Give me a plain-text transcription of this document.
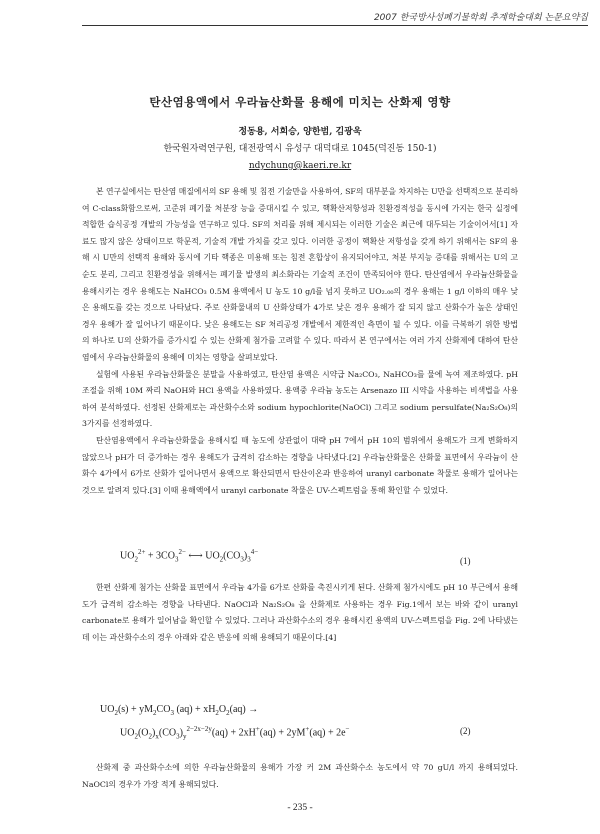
2007 한국방사성폐기물학회 추계학술대회 논문요약집
탄산염용액에서 우라늄산화물 용해에 미치는 산화제 영향
정동용, 서희승, 양한범, 김광욱
한국원자력연구원, 대전광역시 유성구 대덕대로 1045(덕진동 150-1)
ndychung@kaeri.re.kr

본 연구실에서는 탄산염 매질에서의 SF 용해 및 침전 기술만을 사용하여, SF의 대부분을 차지하는 U만을 선택적으로 분리하여 C-class화함으로써, 고준위 폐기물 처분장 능을 증대시킬 수 있고, 핵확산저항성과 친환경적성을 동시에 가지는 한국 실정에 적합한 습식공정 개발의 가능성을 연구하고 있다. SF의 처리를 위해 제시되는 이러한 기술은 최근에 대두되는 기술이어서[1] 자료도 많지 않은 상태이므로 학문적, 기술적 개발 가치를 갖고 있다. 이러한 공정이 핵확산 저항성을 갖게 하기 위해서는 SF의 용해 시 U만의 선택적 용해와 동시에 기타 핵종은 미용해 또는 침전 혼합상이 유지되어야고, 처분 부지능 증대를 위해서는 U의 고순도 분리, 그리고 친환경성을 위해서는 폐기물 발생의 최소화라는 기술적 조건이 만족되어야 한다. 탄산염에서 우라늄산화물을 용해시키는 경우 용해도는 NaHCO₃ 0.5M 용액에서 U 농도 10 g/l를 넘지 못하고 UO₂.₀₀의 경우 용해는 1 g/l 이하의 매우 낮은 용해도를 갖는 것으로 나타났다. 주로 산화물내의 U 산화상태가 4가로 낮은 경우 용해가 잘 되지 않고 산화수가 높은 상태인 경우 용해가 잘 일어나기 때문이다. 낮은 용해도는 SF 처리공정 개발에서 제한적인 측면이 될 수 있다. 이를 극복하기 위한 방법의 하나로 U의 산화가를 증가시킬 수 있는 산화제 첨가를 고려할 수 있다. 따라서 본 연구에서는 여러 가지 산화제에 대하여 탄산염에서 우라늄산화물의 용해에 미치는 영향을 살펴보았다.

실험에 사용된 우라늄산화물은 분말을 사용하였고, 탄산염 용액은 시약급 Na₂CO₃, NaHCO₃를 물에 녹여 제조하였다. pH 조절을 위해 10M 짜리 NaOH와 HCl 용액을 사용하였다. 용액중 우라늄 농도는 Arsenazo III 시약을 사용하는 비색법을 사용하여 분석하였다. 선정된 산화제로는 과산화수소와 sodium hypochlorite(NaOCl) 그리고 sodium persulfate(Na₂S₂O₈)의 3가지를 선정하였다.

탄산염용액에서 우라늄산화물을 용해시킬 때 농도에 상관없이 대략 pH 7에서 pH 10의 범위에서 용해도가 크게 변화하지 않았으나 pH가 더 증가하는 경우 용해도가 급격히 감소하는 경향을 나타냈다.[2] 우라늄산화물은 산화물 표면에서 우라늄이 산화수 4가에서 6가로 산화가 일어나면서 용액으로 확산되면서 탄산이온과 반응하여 uranyl carbonate 착물로 용해가 일어나는 것으로 알려져 있다.[3] 이때 용해액에서 uranyl carbonate 착물은 UV-스펙트럼을 통해 확인할 수 있었다.

$UO_2^{2+} + 3CO_3^{2-}$ ⟷ $UO_2(CO_3)_3^{4-}$
(1)

한편 산화제 첨가는 산화물 표면에서 우라늄 4가를 6가로 산화를 촉진시키게 된다. 산화제 첨가시에도 pH 10 부근에서 용해도가 급격히 감소하는 경향을 나타낸다. NaOCl과 Na₂S₂O₈ 을 산화제로 사용하는 경우 Fig.1에서 보는 바와 같이 uranyl carbonate로 용해가 일어남을 확인할 수 있었다. 그러나 과산화수소의 경우 용해시킨 용액의 UV-스펙트럼을 Fig. 2에 나타냈는데 이는 과산화수소의 경우 아래와 같은 반응에 의해 용해되기 때문이다.[4]

$UO_2(s) + yM_2CO_3$ $(aq) + xH_2O_2(aq)$ →
$UO_2(O_2)_x(CO_3)_y^{2-2x-2y}(aq) + 2xH^+(aq) + 2yM^+(aq) + 2e^-$	(2)

산화제 중 과산화수소에 의한 우라늄산화물의 용해가 가장 커 2M 과산화수소 농도에서 약 70 gU/l 까지 용해되었다. NaOCl의 경우가 가장 적게 용해되었다.

- 235 -
